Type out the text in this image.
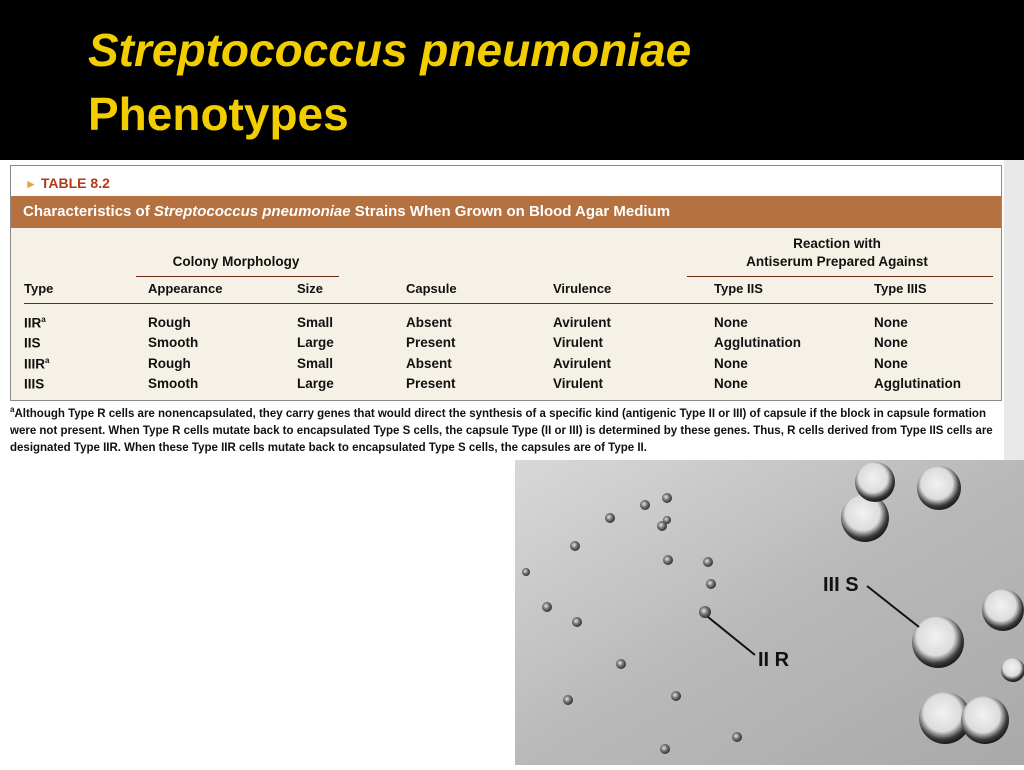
Streptococcus pneumoniae
Phenotypes
► TABLE 8.2
Characteristics of Streptococcus pneumoniae Strains When Grown on Blood Agar Medium
Colony Morphology
Reaction with
Antiserum Prepared Against
Type	Appearance	Size	Capsule	Virulence	Type IIS	Type IIIS
IIR$^a$	Rough	Small	Absent	Avirulent	None	None
IIS	Smooth	Large	Present	Virulent	Agglutination	None
IIIR$^a$	Rough	Small	Absent	Avirulent	None	None
IIIS	Smooth	Large	Present	Virulent	None	Agglutination
$^a$Although Type R cells are nonencapsulated, they carry genes that would direct the synthesis of a specific kind (antigenic Type II or III) of capsule if the block in capsule formation were not present. When Type R cells mutate back to encapsulated Type S cells, the capsule Type (II or III) is determined by these genes. Thus, R cells derived from Type IIS cells are designated Type IIR. When these Type IIR cells mutate back to encapsulated Type S cells, the capsules are of Type II.
III S
II R
